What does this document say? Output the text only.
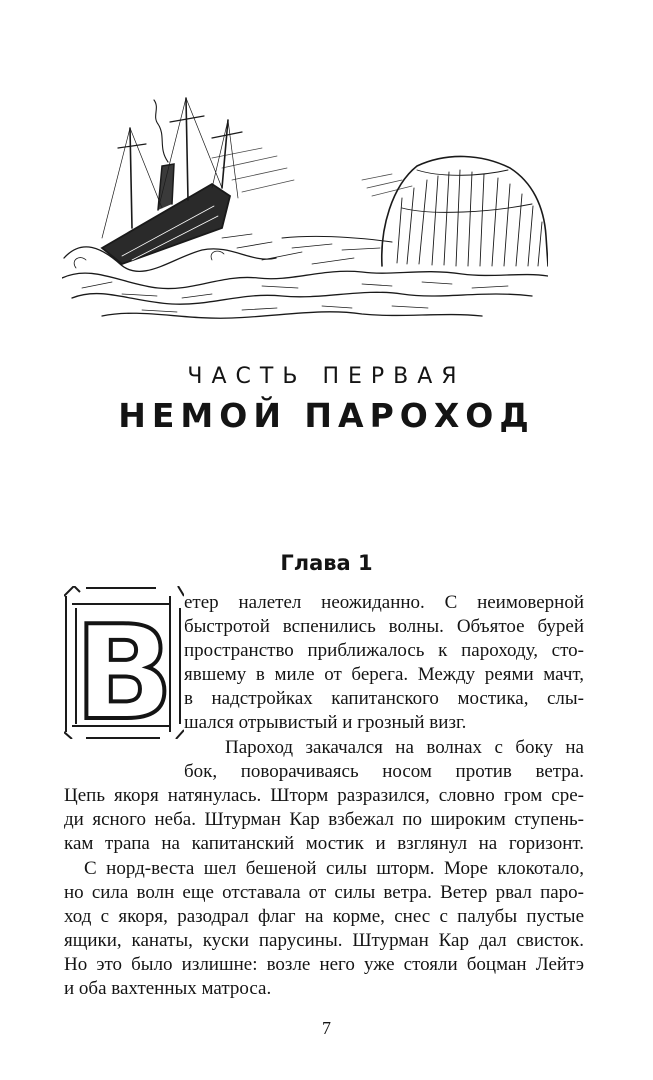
ЧАСТЬ ПЕРВАЯ
НЕМОЙ ПАРОХОД
Глава 1
В етер налетел неожиданно. С неимоверной

быстротой вспенились волны. Объятое бурей

пространство приближалось к пароходу, сто-

явшему в миле от берега. Между реями мачт,

в надстройках капитанского мостика, слы-

шался отрывистый и грозный визг.

Пароход закачался на волнах с боку на

бок, поворачиваясь носом против ветра.

Цепь якоря натянулась. Шторм разразился, словно гром сре-

ди ясного неба. Штурман Кар взбежал по широким ступень-

кам трапа на капитанский мостик и взглянул на горизонт.

С норд-веста шел бешеной силы шторм. Море клокотало,

но сила волн еще отставала от силы ветра. Ветер рвал паро-

ход с якоря, разодрал флаг на корме, снес с палубы пустые

ящики, канаты, куски парусины. Штурман Кар дал свисток.

Но это было излишне: возле него уже стояли боцман Лейтэ

и оба вахтенных матроса.

7
